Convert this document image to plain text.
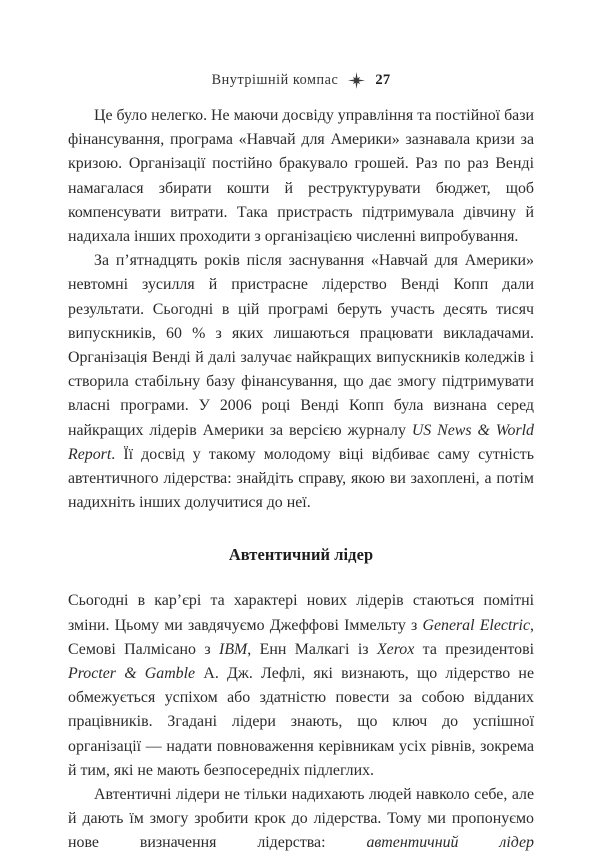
Внутрішній компас	27

Це було нелегко. Не маючи досвіду управління та постійної бази фінансування, програма «Навчай для Америки» зазнавала кризи за кризою. Організації постійно бракувало грошей. Раз по раз Венді намагалася збирати кошти й реструктурувати бюджет, щоб компенсувати витрати. Така пристрасть підтримувала дівчину й надихала інших проходити з організацією численні випробування.

За п’ятнадцять років після заснування «Навчай для Америки» невтомні зусилля й пристрасне лідерство Венді Копп дали результати. Сьогодні в цій програмі беруть участь десять тисяч випускників, 60 % з яких лишаються працювати викладачами. Організація Венді й далі залучає найкращих випускників коледжів і створила стабільну базу фінансування, що дає змогу підтримувати власні програми. У 2006 році Венді Копп була визнана серед найкращих лідерів Америки за версією журналу US News & World Report. Її досвід у такому молодому віці відбиває саму сутність автентичного лідерства: знайдіть справу, якою ви захоплені, а потім надихніть інших долучитися до неї.

Автентичний лідер

Сьогодні в кар’єрі та характері нових лідерів стаються помітні зміни. Цьому ми завдячуємо Джеффові Іммельту з General Electric, Семові Палмісано з IBM, Енн Малкагі із Xerox та президентові Procter & Gamble А. Дж. Лефлі, які визнають, що лідерство не обмежується успіхом або здатністю повести за собою відданих працівників. Згадані лідери знають, що ключ до успішної організації — надати повноваження керівникам усіх рівнів, зокрема й тим, які не мають безпосередніх підлеглих.

Автентичні лідери не тільки надихають людей навколо себе, але й дають їм змогу зробити крок до лідерства. Тому ми пропонуємо нове визначення лідерства: автентичний лідер
